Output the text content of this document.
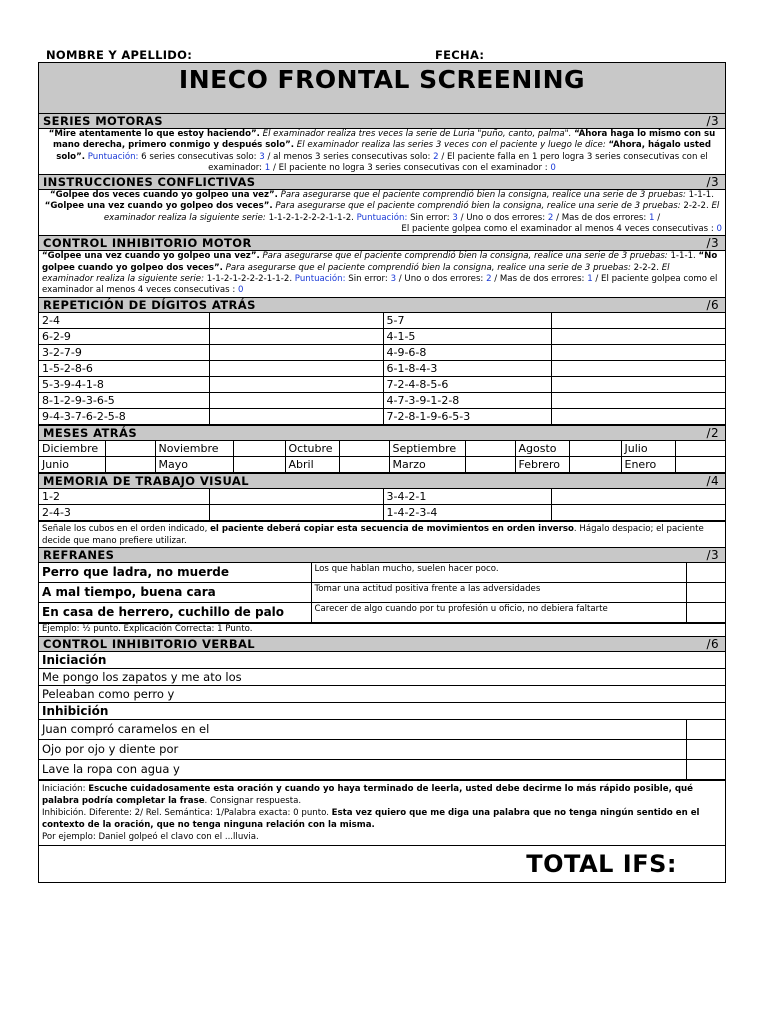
NOMBRE Y APELLIDO:	FECHA:
INECO FRONTAL SCREENING
SERIES MOTORAS	/3
“Mire atentamente lo que estoy haciendo”. El examinador realiza tres veces la serie de Luria "puño, canto, palma". “Ahora haga lo mismo con su mano derecha, primero conmigo y después solo”. El examinador realiza las series 3 veces con el paciente y luego le dice: “Ahora, hágalo usted solo”. Puntuación: 6 series consecutivas solo: 3 / al menos 3 series consecutivas solo: 2 / El paciente falla en 1 pero logra 3 series consecutivas con el examinador: 1 / El paciente no logra 3 series consecutivas con el examinador : 0
INSTRUCCIONES CONFLICTIVAS	/3
“Golpee dos veces cuando yo golpeo una vez”. Para asegurarse que el paciente comprendió bien la consigna, realice una serie de 3 pruebas: 1-1-1. “Golpee una vez cuando yo golpeo dos veces”. Para asegurarse que el paciente comprendió bien la consigna, realice una serie de 3 pruebas: 2-2-2. El examinador realiza la siguiente serie: 1-1-2-1-2-2-2-1-1-2. Puntuación: Sin error: 3 / Uno o dos errores: 2 / Mas de dos errores: 1 /
El paciente golpea como el examinador al menos 4 veces consecutivas : 0
CONTROL INHIBITORIO MOTOR	/3
“Golpee una vez cuando yo golpeo una vez”. Para asegurarse que el paciente comprendió bien la consigna, realice una serie de 3 pruebas: 1-1-1. “No golpee cuando yo golpeo dos veces”. Para asegurarse que el paciente comprendió bien la consigna, realice una serie de 3 pruebas: 2-2-2. El examinador realiza la siguiente serie: 1-1-2-1-2-2-2-1-1-2. Puntuación: Sin error: 3 / Uno o dos errores: 2 / Mas de dos errores: 1 / El paciente golpea como el examinador al menos 4 veces consecutivas : 0
REPETICIÓN DE DÍGITOS ATRÁS	/6
2-4		5-7	
6-2-9		4-1-5	
3-2-7-9		4-9-6-8	
1-5-2-8-6		6-1-8-4-3	
5-3-9-4-1-8		7-2-4-8-5-6	
8-1-2-9-3-6-5		4-7-3-9-1-2-8	
9-4-3-7-6-2-5-8		7-2-8-1-9-6-5-3	
MESES ATRÁS	/2
Diciembre		Noviembre		Octubre		Septiembre		Agosto		Julio	
Junio		Mayo		Abril		Marzo		Febrero		Enero	
MEMORIA DE TRABAJO VISUAL	/4
1-2		3-4-2-1	
2-4-3		1-4-2-3-4	
Señale los cubos en el orden indicado, el paciente deberá copiar esta secuencia de movimientos en orden inverso. Hágalo despacio; el paciente decide que mano prefiere utilizar.
REFRANES	/3
Perro que ladra, no muerde	Los que hablan mucho, suelen hacer poco.	
A mal tiempo, buena cara	Tomar una actitud positiva frente a las adversidades	
En casa de herrero, cuchillo de palo	Carecer de algo cuando por tu profesión u oficio, no debiera faltarte	
Ejemplo: ½ punto. Explicación Correcta: 1 Punto.
CONTROL INHIBITORIO VERBAL	/6
Iniciación
Me pongo los zapatos y me ato los
Peleaban como perro y
Inhibición
Juan compró caramelos en el	
Ojo por ojo y diente por	
Lave la ropa con agua y	
Iniciación: Escuche cuidadosamente esta oración y cuando yo haya terminado de leerla, usted debe decirme lo más rápido posible, qué palabra podría completar la frase. Consignar respuesta.
Inhibición. Diferente: 2/ Rel. Semántica: 1/Palabra exacta: 0 punto. Esta vez quiero que me diga una palabra que no tenga ningún sentido en el contexto de la oración, que no tenga ninguna relación con la misma.
Por ejemplo: Daniel golpeó el clavo con el ...lluvia.
TOTAL IFS:
